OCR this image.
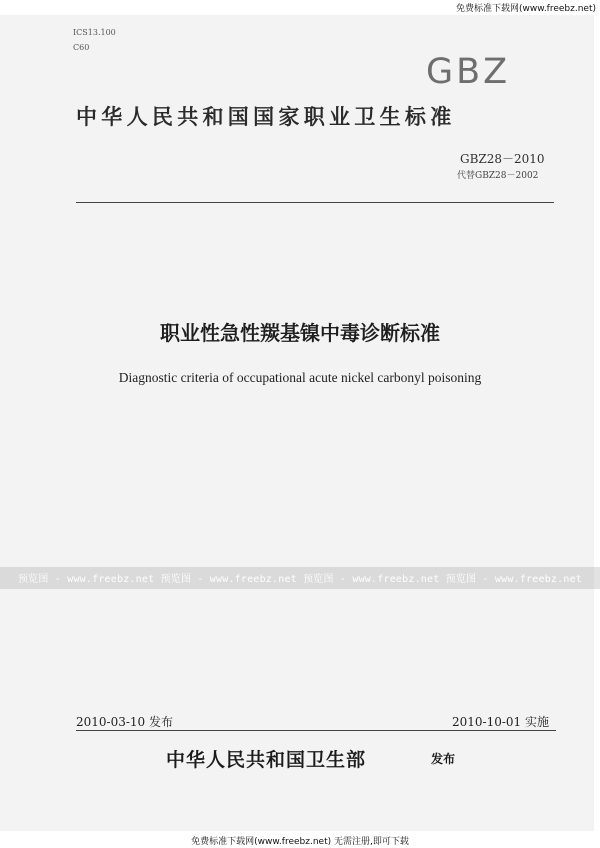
免费标准下载网(www.freebz.net)
ICS13.100
C60
GBZ
中华人民共和国国家职业卫生标准
GBZ28－2010
代替GBZ28－2002
职业性急性羰基镍中毒诊断标准
Diagnostic criteria of occupational acute nickel carbonyl poisoning
预览图 - www.freebz.net 预览图 - www.freebz.net 预览图 - www.freebz.net 预览图 - www.freebz.net
2010-03-10 发布	2010-10-01 实施
中华人民共和国卫生部	发布
免费标准下载网(www.freebz.net) 无需注册,即可下载
